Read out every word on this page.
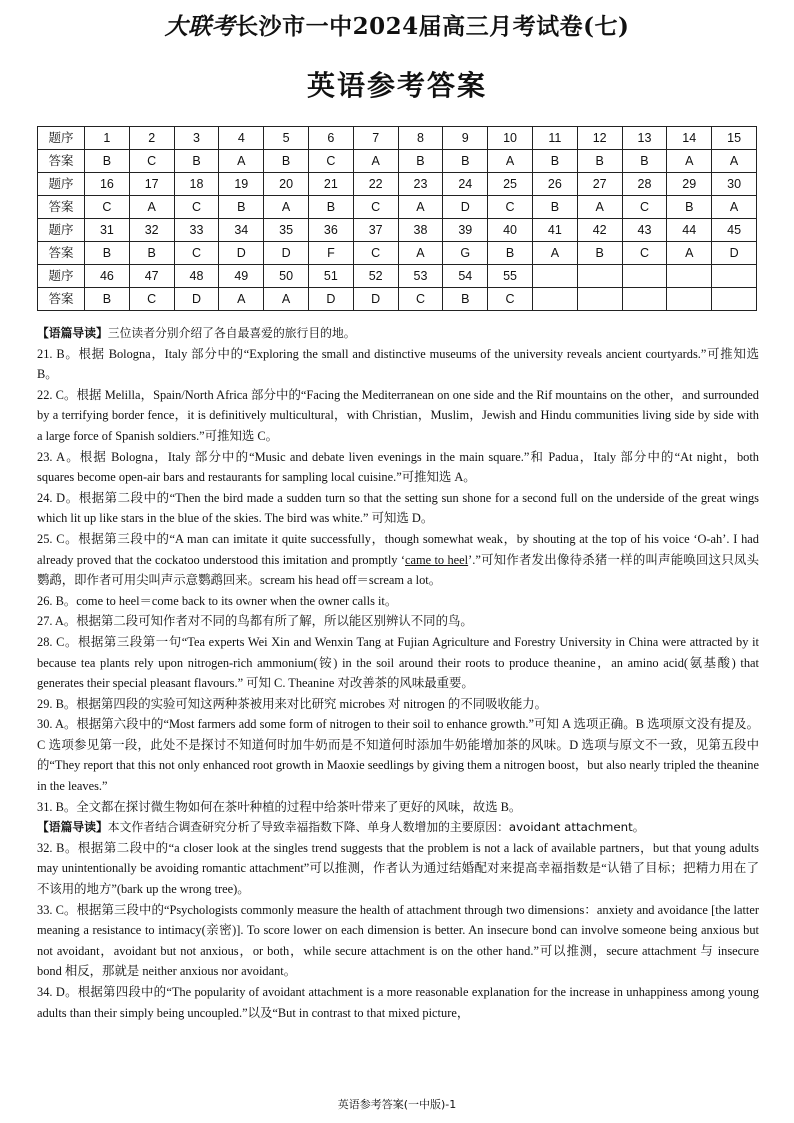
大联考长沙市一中2024届高三月考试卷(七)
英语参考答案
题序	1	2	3	4	5	6	7	8	9	10	11	12	13	14	15
答案	B	C	B	A	B	C	A	B	B	A	B	B	B	A	A
题序	16	17	18	19	20	21	22	23	24	25	26	27	28	29	30
答案	C	A	C	B	A	B	C	A	D	C	B	A	C	B	A
题序	31	32	33	34	35	36	37	38	39	40	41	42	43	44	45
答案	B	B	C	D	D	F	C	A	G	B	A	B	C	A	D
题序	46	47	48	49	50	51	52	53	54	55					
答案	B	C	D	A	A	D	D	C	B	C					

【语篇导读】三位读者分别介绍了各自最喜爱的旅行目的地。

21. B。根据 Bologna，Italy 部分中的“Exploring the small and distinctive museums of the university reveals ancient courtyards.”可推知选 B。

22. C。根据 Melilla，Spain/North Africa 部分中的“Facing the Mediterranean on one side and the Rif mountains on the other，and surrounded by a terrifying border fence，it is definitively multicultural，with Christian，Muslim，Jewish and Hindu communities living side by side with a large force of Spanish soldiers.”可推知选 C。

23. A。根据 Bologna，Italy 部分中的“Music and debate liven evenings in the main square.”和 Padua，Italy 部分中的“At night，both squares become open-air bars and restaurants for sampling local cuisine.”可推知选 A。

24. D。根据第二段中的“Then the bird made a sudden turn so that the setting sun shone for a second full on the underside of the great wings which lit up like stars in the blue of the skies. The bird was white.” 可知选 D。

25. C。根据第三段中的“A man can imitate it quite successfully，though somewhat weak，by shouting at the top of his voice ‘O-ah’. I had already proved that the cockatoo understood this imitation and promptly ‘came to heel’.”可知作者发出像待杀猪一样的叫声能唤回这只凤头鹦鹉，即作者可用尖叫声示意鹦鹉回来。scream his head off＝scream a lot。

26. B。come to heel＝come back to its owner when the owner calls it。

27. A。根据第二段可知作者对不同的鸟都有所了解，所以能区别辨认不同的鸟。

28. C。根据第三段第一句“Tea experts Wei Xin and Wenxin Tang at Fujian Agriculture and Forestry University in China were attracted by it because tea plants rely upon nitrogen-rich ammonium(铵) in the soil around their roots to produce theanine，an amino acid(氨基酸) that generates their special pleasant flavours.” 可知 C. Theanine 对改善茶的风味最重要。

29. B。根据第四段的实验可知这两种茶被用来对比研究 microbes 对 nitrogen 的不同吸收能力。

30. A。根据第六段中的“Most farmers add some form of nitrogen to their soil to enhance growth.”可知 A 选项正确。B 选项原文没有提及。C 选项参见第一段，此处不是探讨不知道何时加牛奶而是不知道何时添加牛奶能增加茶的风味。D 选项与原文不一致，见第五段中的“They report that this not only enhanced root growth in Maoxie seedlings by giving them a nitrogen boost，but also nearly tripled the theanine in the leaves.”

31. B。全文都在探讨微生物如何在茶叶种植的过程中给茶叶带来了更好的风味，故选 B。

【语篇导读】本文作者结合调查研究分析了导致幸福指数下降、单身人数增加的主要原因：avoidant attachment。

32. B。根据第二段中的“a closer look at the singles trend suggests that the problem is not a lack of available partners，but that young adults may unintentionally be avoiding romantic attachment”可以推测，作者认为通过结婚配对来提高幸福指数是“认错了目标；把精力用在了不该用的地方”(bark up the wrong tree)。

33. C。根据第三段中的“Psychologists commonly measure the health of attachment through two dimensions：anxiety and avoidance [the latter meaning a resistance to intimacy(亲密)]. To score lower on each dimension is better. An insecure bond can involve someone being anxious but not avoidant，avoidant but not anxious，or both，while secure attachment is on the other hand.”可以推测，secure attachment 与 insecure bond 相反，那就是 neither anxious nor avoidant。

34. D。根据第四段中的“The popularity of avoidant attachment is a more reasonable explanation for the increase in unhappiness among young adults than their simply being uncoupled.”以及“But in contrast to that mixed picture，

英语参考答案(一中版)-1
